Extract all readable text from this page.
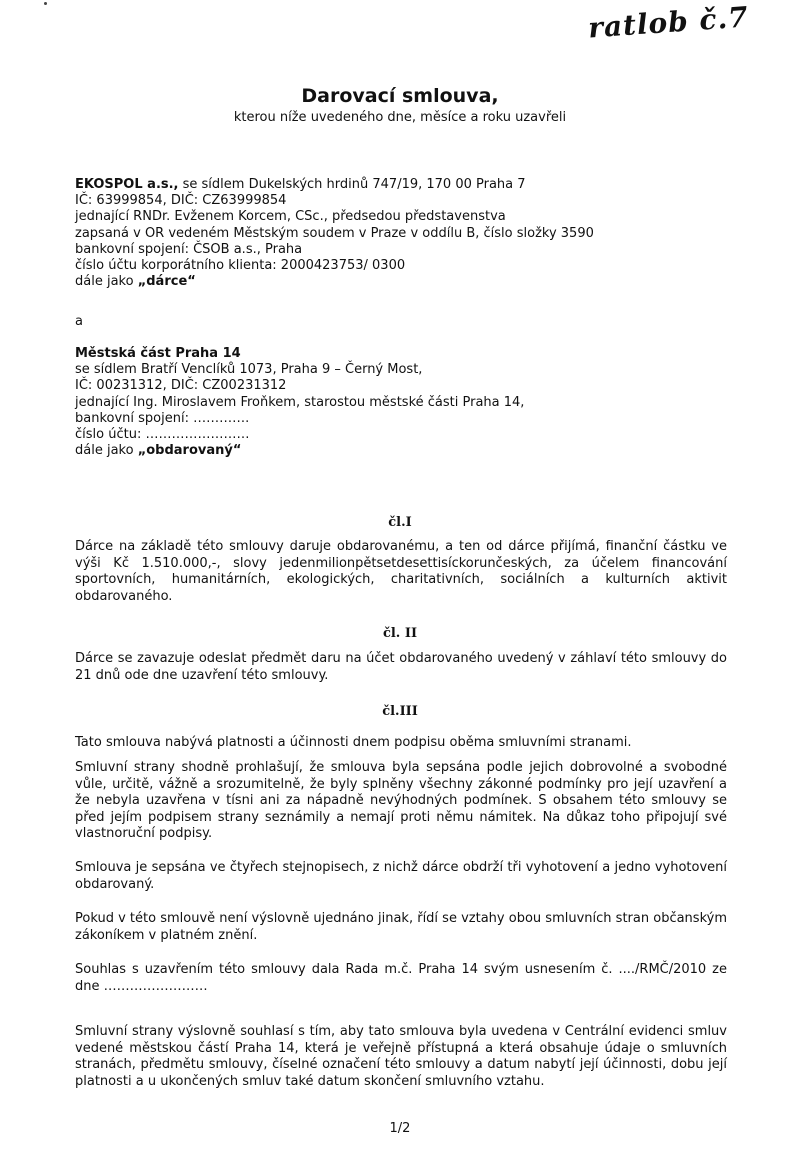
ratlob č.7
Darovací smlouva,
kterou níže uvedeného dne, měsíce a roku uzavřeli
EKOSPOL a.s., se sídlem Dukelských hrdinů 747/19, 170 00 Praha 7
IČ: 63999854, DIČ: CZ63999854
jednající RNDr. Evženem Korcem, CSc., předsedou představenstva
zapsaná v OR vedeném Městským soudem v Praze v oddílu B, číslo složky 3590
bankovní spojení: ČSOB a.s., Praha
číslo účtu korporátního klienta: 2000423753/ 0300
dále jako „dárce“
a
Městská část Praha 14
se sídlem Bratří Venclíků 1073, Praha 9 – Černý Most,
IČ: 00231312, DIČ: CZ00231312
jednající Ing. Miroslavem Froňkem, starostou městské části Praha 14,
bankovní spojení: ………….
číslo účtu: ……………………
dále jako „obdarovaný“
čl.I
Dárce na základě této smlouvy daruje obdarovanému, a ten od dárce přijímá, finanční částku ve výši Kč 1.510.000,-, slovy jedenmilionpětsetdesettisíckorunčeských, za účelem financování sportovních, humanitárních, ekologických, charitativních, sociálních a kulturních aktivit obdarovaného.
čl. II
Dárce se zavazuje odeslat předmět daru na účet obdarovaného uvedený v záhlaví této smlouvy do 21 dnů ode dne uzavření této smlouvy.
čl.III
Tato smlouva nabývá platnosti a účinnosti dnem podpisu oběma smluvními stranami.
Smluvní strany shodně prohlašují, že smlouva byla sepsána podle jejich dobrovolné a svobodné vůle, určitě, vážně a srozumitelně, že byly splněny všechny zákonné podmínky pro její uzavření a že nebyla uzavřena v tísni ani za nápadně nevýhodných podmínek. S obsahem této smlouvy se před jejím podpisem strany seznámily a nemají proti němu námitek. Na důkaz toho připojují své vlastnoruční podpisy.
Smlouva je sepsána ve čtyřech stejnopisech, z nichž dárce obdrží tři vyhotovení a jedno vyhotovení obdarovaný.
Pokud v této smlouvě není výslovně ujednáno jinak, řídí se vztahy obou smluvních stran občanským zákoníkem v platném znění.
Souhlas s uzavřením této smlouvy dala Rada m.č. Praha 14 svým usnesením č. ..../RMČ/2010 ze dne ……………………
Smluvní strany výslovně souhlasí s tím, aby tato smlouva byla uvedena v Centrální evidenci smluv vedené městskou částí Praha 14, která je veřejně přístupná a která obsahuje údaje o smluvních stranách, předmětu smlouvy, číselné označení této smlouvy a datum nabytí její účinnosti, dobu její platnosti a u ukončených smluv také datum skončení smluvního vztahu.
1/2
